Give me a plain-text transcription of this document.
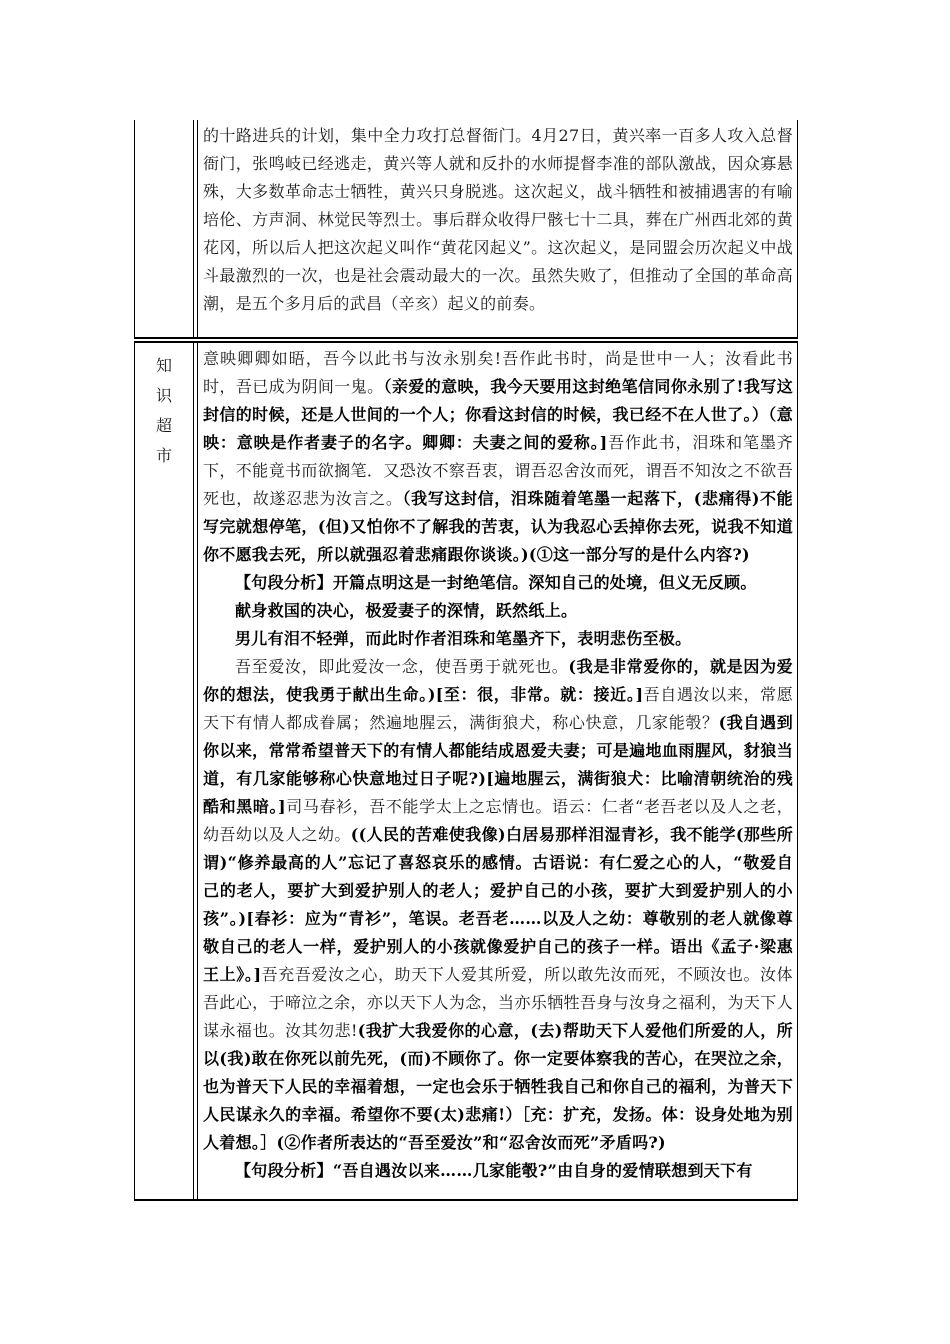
的十路进兵的计划，集中全力攻打总督衙门。4月27日，黄兴率一百多人攻入总督衙门，张鸣岐已经逃走，黄兴等人就和反扑的水师提督李准的部队激战，因众寡悬殊，大多数革命志士牺牲，黄兴只身脱逃。这次起义，战斗牺牲和被捕遇害的有喻培伦、方声洞、林觉民等烈士。事后群众收得尸骸七十二具，葬在广州西北郊的黄花冈，所以后人把这次起义叫作“黄花冈起义”。这次起义，是同盟会历次起义中战斗最激烈的一次，也是社会震动最大的一次。虽然失败了，但推动了全国的革命高潮，是五个多月后的武昌（辛亥）起义的前奏。

知
识
超
市

意映卿卿如晤，吾今以此书与汝永别矣!吾作此书时，尚是世中一人；汝看此书时，吾已成为阴间一鬼。（亲爱的意映，我今天要用这封绝笔信同你永别了!我写这封信的时候，还是人世间的一个人；你看这封信的时候，我已经不在人世了。）（意映：意映是作者妻子的名字。卿卿：夫妻之间的爱称。]吾作此书，泪珠和笔墨齐下，不能竟书而欲搁笔．又恐汝不察吾衷，谓吾忍舍汝而死，谓吾不知汝之不欲吾死也，故遂忍悲为汝言之。（我写这封信，泪珠随着笔墨一起落下，(悲痛得)不能写完就想停笔，(但)又怕你不了解我的苦衷，认为我忍心丢掉你去死，说我不知道你不愿我去死，所以就强忍着悲痛跟你谈谈。)(①这一部分写的是什么内容?)

【句段分析】开篇点明这是一封绝笔信。深知自己的处境，但义无反顾。

献身救国的决心，极爱妻子的深情，跃然纸上。

男儿有泪不轻弹，而此时作者泪珠和笔墨齐下，表明悲伤至极。

吾至爱汝，即此爱汝一念，使吾勇于就死也。(我是非常爱你的，就是因为爱你的想法，使我勇于献出生命。)[至：很，非常。就：接近。]吾自遇汝以来，常愿天下有情人都成眷属；然遍地腥云，满街狼犬，称心快意，几家能彀？(我自遇到你以来，常常希望普天下的有情人都能结成恩爱夫妻；可是遍地血雨腥风，豺狼当道，有几家能够称心快意地过日子呢?)[遍地腥云，满街狼犬：比喻清朝统治的残酷和黑暗。]司马春衫，吾不能学太上之忘情也。语云：仁者“老吾老以及人之老，幼吾幼以及人之幼。((人民的苦难使我像)白居易那样泪湿青衫，我不能学(那些所谓)“修养最高的人”忘记了喜怒哀乐的感情。古语说：有仁爱之心的人，“敬爱自己的老人，要扩大到爱护别人的老人；爱护自己的小孩，要扩大到爱护别人的小孩”。)[春衫：应为“青衫”，笔误。老吾老……以及人之幼：尊敬别的老人就像尊敬自己的老人一样，爱护别人的小孩就像爱护自己的孩子一样。语出《孟子·梁惠王上》。]吾充吾爱汝之心，助天下人爱其所爱，所以敢先汝而死，不顾汝也。汝体吾此心，于啼泣之余，亦以天下人为念，当亦乐牺牲吾身与汝身之福利，为天下人谋永福也。汝其勿悲!(我扩大我爱你的心意，(去)帮助天下人爱他们所爱的人，所以(我)敢在你死以前先死，(而)不顾你了。你一定要体察我的苦心，在哭泣之余，也为普天下人民的幸福着想，一定也会乐于牺牲我自己和你自己的福利，为普天下人民谋永久的幸福。希望你不要(太)悲痛!）［充：扩充，发扬。体：设身处地为别人着想。］(②作者所表达的“吾至爱汝”和“忍舍汝而死”矛盾吗?)

【句段分析】“吾自遇汝以来……几家能彀?”由自身的爱情联想到天下有
